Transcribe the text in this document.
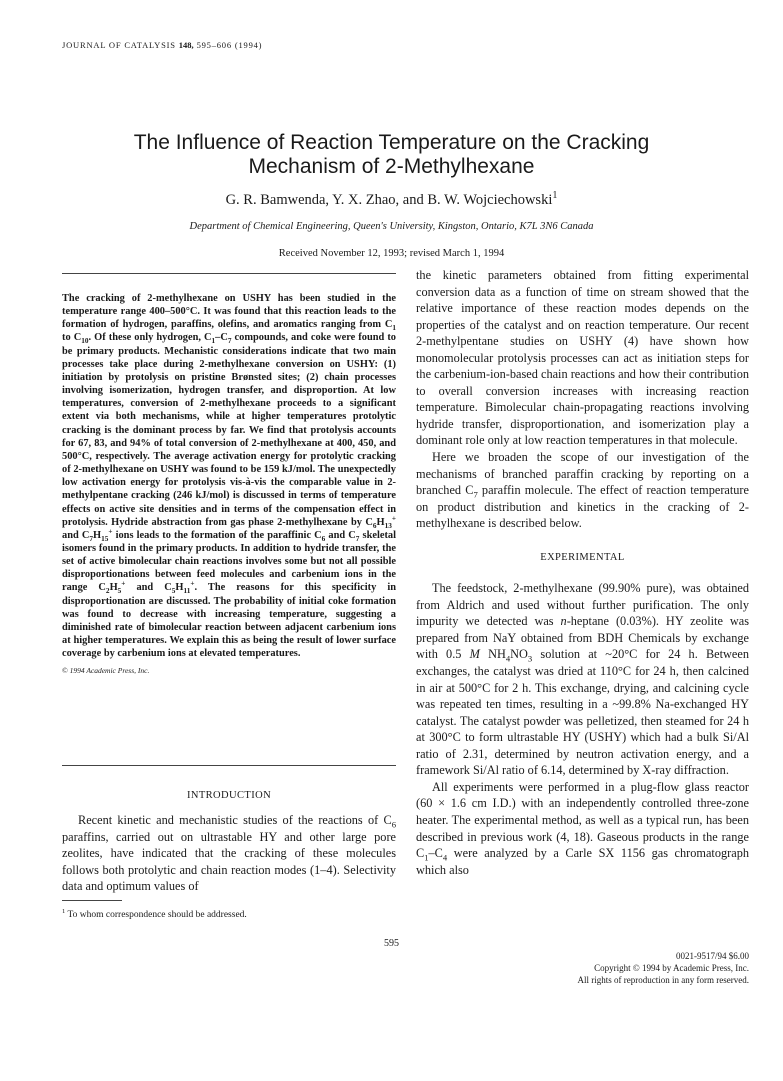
JOURNAL OF CATALYSIS 148, 595–606 (1994)
The Influence of Reaction Temperature on the Cracking
Mechanism of 2-Methylhexane
G. R. Bamwenda, Y. X. Zhao, and B. W. Wojciechowski$^1$
Department of Chemical Engineering, Queen's University, Kingston, Ontario, K7L 3N6 Canada
Received November 12, 1993; revised March 1, 1994
The cracking of 2-methylhexane on USHY has been studied in the temperature range 400–500°C. It was found that this reaction leads to the formation of hydrogen, paraffins, olefins, and aromatics ranging from $C_1$ to $C_{10}$. Of these only hydrogen, $C_1-C_7$ compounds, and coke were found to be primary products. Mechanistic considerations indicate that two main processes take place during 2-methylhexane conversion on USHY: (1) initiation by protolysis on pristine Brønsted sites; (2) chain processes involving isomerization, hydrogen transfer, and disproportion. At low temperatures, conversion of 2-methylhexane proceeds to a significant extent via both mechanisms, while at higher temperatures protolytic cracking is the dominant process by far. We find that protolysis accounts for 67, 83, and 94% of total conversion of 2-methylhexane at 400, 450, and 500°C, respectively. The average activation energy for protolytic cracking of 2-methylhexane on USHY was found to be 159 kJ/mol. The unexpectedly low activation energy for protolysis vis-à-vis the comparable value in 2-methylpentane cracking (246 kJ/mol) is discussed in terms of temperature effects on active site densities and in terms of the compensation effect in protolysis. Hydride abstraction from gas phase 2-methylhexane by $C_6H_{13}^+$ and $C_7H_{15}^+$ ions leads to the formation of the paraffinic $C_6$ and $C_7$ skeletal isomers found in the primary products. In addition to hydride transfer, the set of active bimolecular chain reactions involves some but not all possible disproportionations between feed molecules and carbenium ions in the range $C_2H_5^+$ and $C_5H_{11}^+$. The reasons for this specificity in disproportionation are discussed. The probability of initial coke formation was found to decrease with increasing temperature, suggesting a diminished rate of bimolecular reaction between adjacent carbenium ions at higher temperatures. We explain this as being the result of lower surface coverage by carbenium ions at elevated temperatures.
© 1994 Academic Press, Inc.
INTRODUCTION

Recent kinetic and mechanistic studies of the reactions of $C_6$ paraffins, carried out on ultrastable HY and other large pore zeolites, have indicated that the cracking of these molecules follows both protolytic and chain reaction modes (1–4). Selectivity data and optimum values of

$^1$ To whom correspondence should be addressed.

the kinetic parameters obtained from fitting experimental conversion data as a function of time on stream showed that the relative importance of these reaction modes depends on the properties of the catalyst and on reaction temperature. Our recent 2-methylpentane studies on USHY (4) have shown how monomolecular protolysis processes can act as initiation steps for the carbenium-ion-based chain reactions and how their contribution to overall conversion increases with increasing reaction temperature. Bimolecular chain-propagating reactions involving hydride transfer, disproportionation, and isomerization play a dominant role only at low reaction temperatures in that molecule.

Here we broaden the scope of our investigation of the mechanisms of branched paraffin cracking by reporting on a branched $C_7$ paraffin molecule. The effect of reaction temperature on product distribution and kinetics in the cracking of 2-methylhexane is described below.

EXPERIMENTAL

The feedstock, 2-methylhexane (99.90% pure), was obtained from Aldrich and used without further purification. The only impurity we detected was n-heptane (0.03%). HY zeolite was prepared from NaY obtained from BDH Chemicals by exchange with 0.5 M $NH_4NO_3$ solution at ~20°C for 24 h. Between exchanges, the catalyst was dried at 110°C for 24 h, then calcined in air at 500°C for 2 h. This exchange, drying, and calcining cycle was repeated ten times, resulting in a ~99.8% Na-exchanged HY catalyst. The catalyst powder was pelletized, then steamed for 24 h at 300°C to form ultrastable HY (USHY) which had a bulk Si/Al ratio of 2.31, determined by neutron activation energy, and a framework Si/Al ratio of 6.14, determined by X-ray diffraction.

All experiments were performed in a plug-flow glass reactor (60 × 1.6 cm I.D.) with an independently controlled three-zone heater. The experimental method, as well as a typical run, has been described in previous work (4, 18). Gaseous products in the range $C_1-C_4$ were analyzed by a Carle SX 1156 gas chromatograph which also

595
0021-9517/94 $6.00
Copyright © 1994 by Academic Press, Inc.
All rights of reproduction in any form reserved.
